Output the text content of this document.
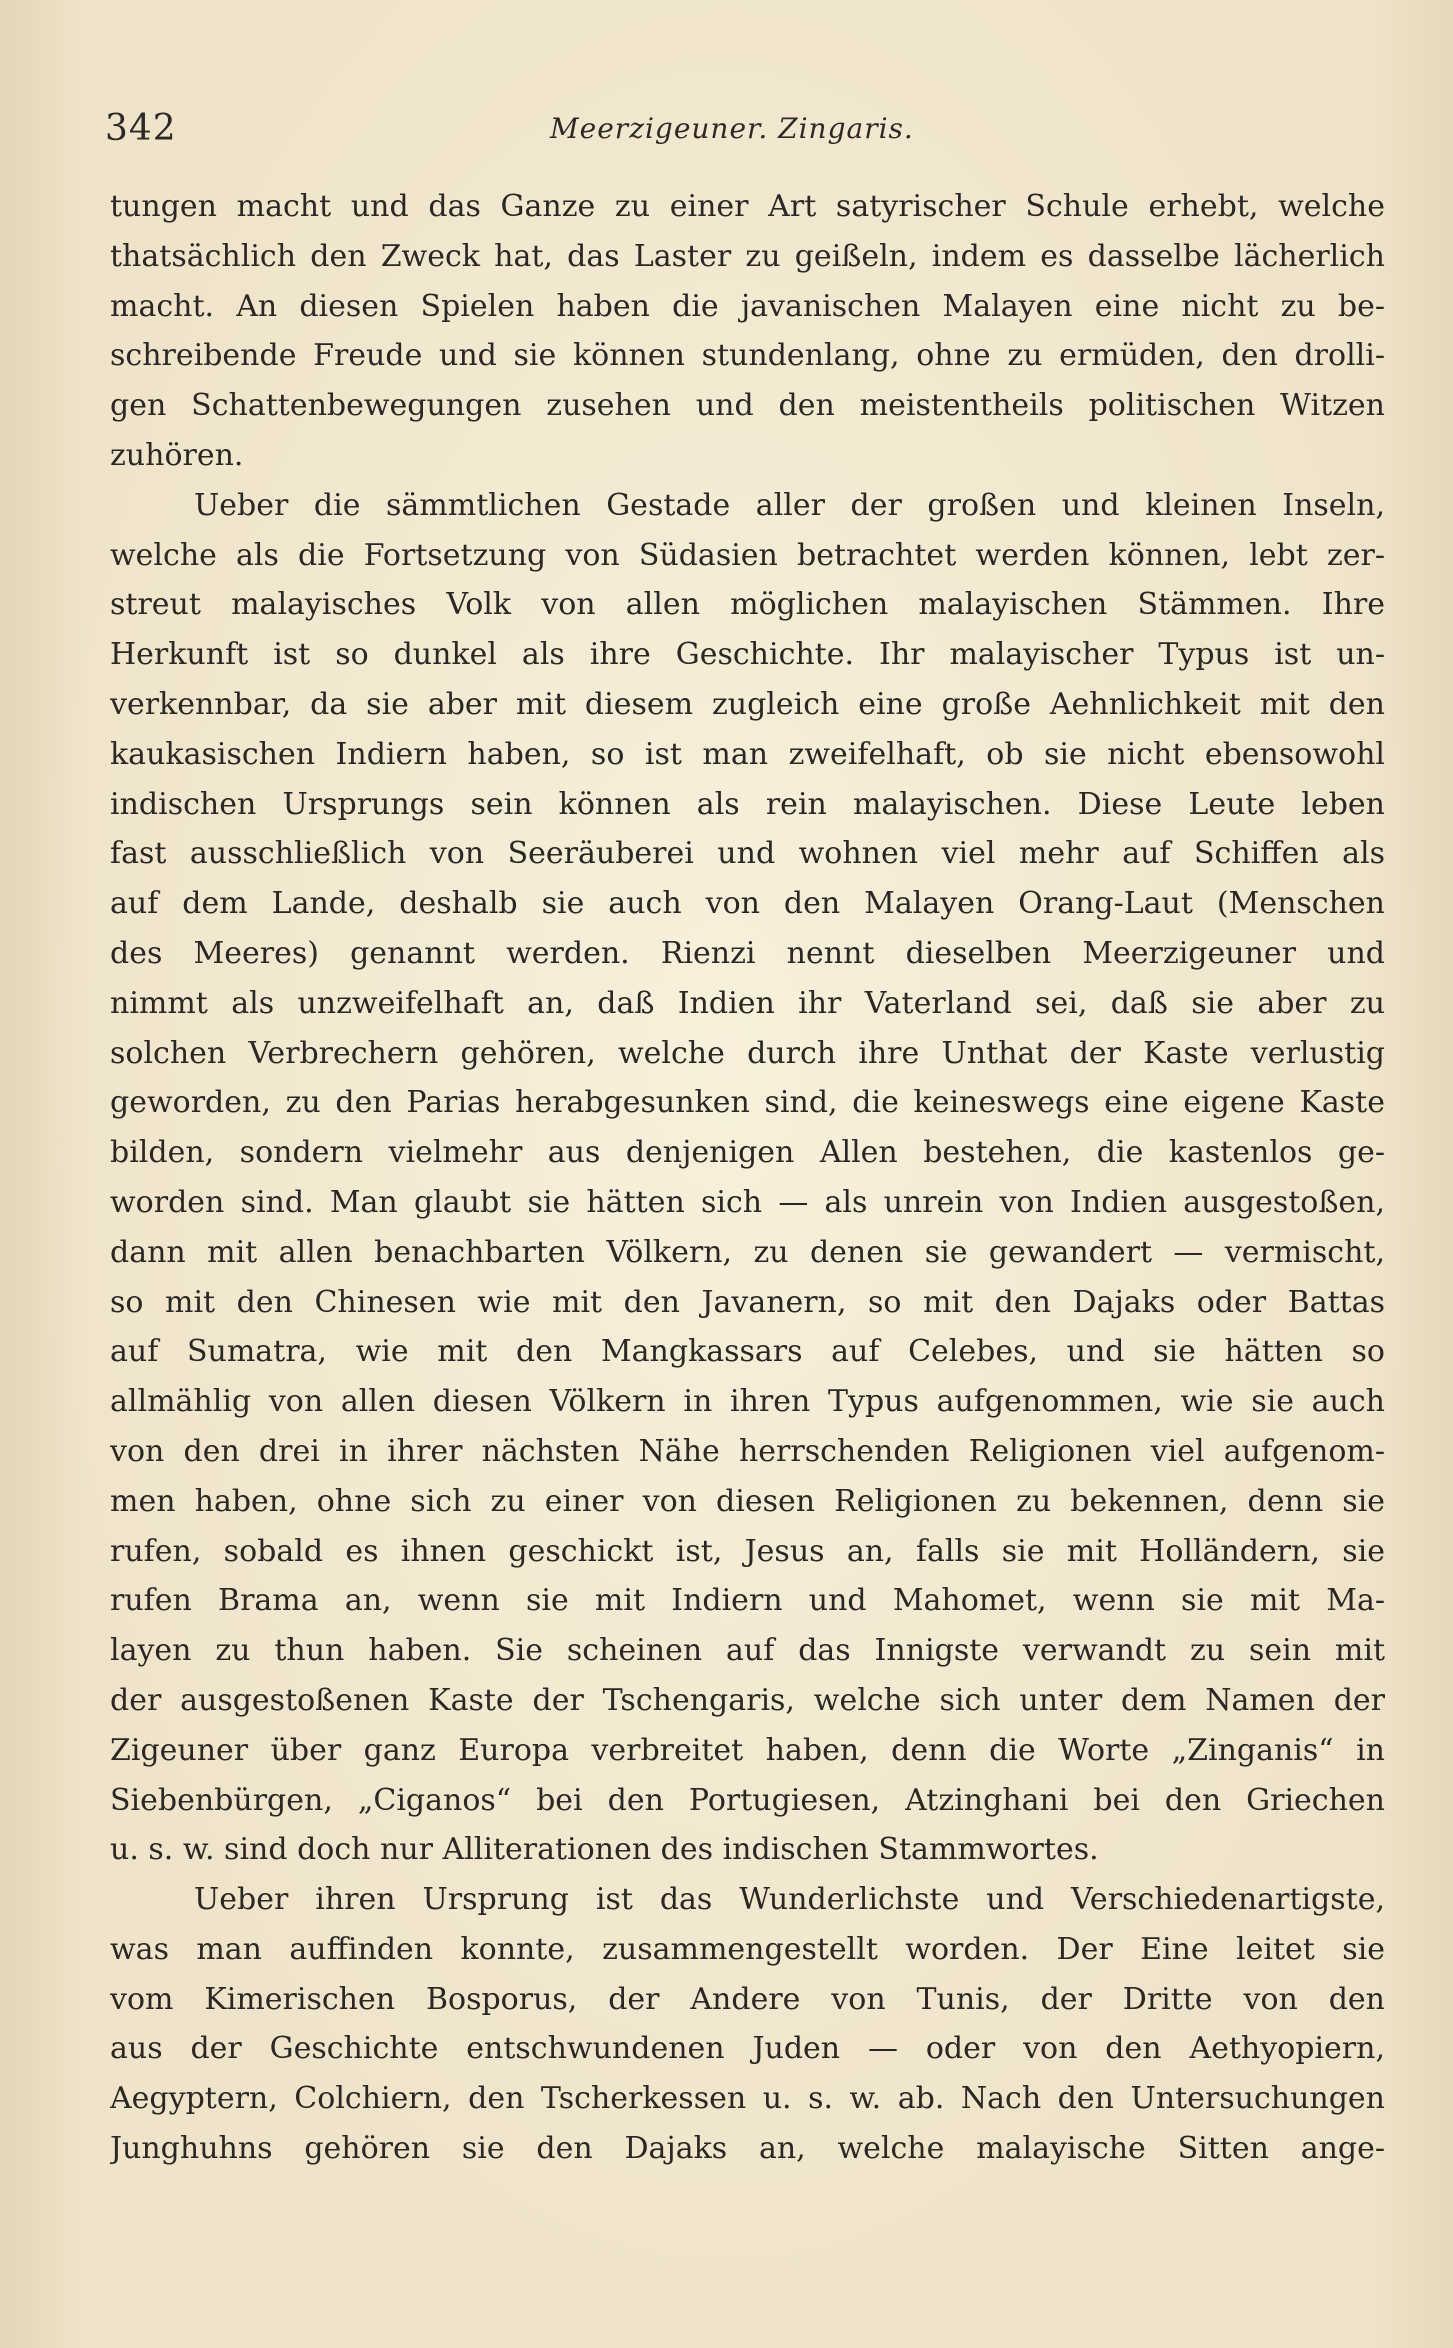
342	Meerzigeuner. Zingaris.
tungen macht und das Ganze zu einer Art satyrischer Schule erhebt, welche
thatsächlich den Zweck hat, das Laster zu geißeln, indem es dasselbe lächerlich
macht. An diesen Spielen haben die javanischen Malayen eine nicht zu be-
schreibende Freude und sie können stundenlang, ohne zu ermüden, den drolli-
gen Schattenbewegungen zusehen und den meistentheils politischen Witzen
zuhören.
Ueber die sämmtlichen Gestade aller der großen und kleinen Inseln,
welche als die Fortsetzung von Südasien betrachtet werden können, lebt zer-
streut malayisches Volk von allen möglichen malayischen Stämmen. Ihre
Herkunft ist so dunkel als ihre Geschichte. Ihr malayischer Typus ist un-
verkennbar, da sie aber mit diesem zugleich eine große Aehnlichkeit mit den
kaukasischen Indiern haben, so ist man zweifelhaft, ob sie nicht ebensowohl
indischen Ursprungs sein können als rein malayischen. Diese Leute leben
fast ausschließlich von Seeräuberei und wohnen viel mehr auf Schiffen als
auf dem Lande, deshalb sie auch von den Malayen Orang-Laut (Menschen
des Meeres) genannt werden. Rienzi nennt dieselben Meerzigeuner und
nimmt als unzweifelhaft an, daß Indien ihr Vaterland sei, daß sie aber zu
solchen Verbrechern gehören, welche durch ihre Unthat der Kaste verlustig
geworden, zu den Parias herabgesunken sind, die keineswegs eine eigene Kaste
bilden, sondern vielmehr aus denjenigen Allen bestehen, die kastenlos ge-
worden sind. Man glaubt sie hätten sich — als unrein von Indien ausgestoßen,
dann mit allen benachbarten Völkern, zu denen sie gewandert — vermischt,
so mit den Chinesen wie mit den Javanern, so mit den Dajaks oder Battas
auf Sumatra, wie mit den Mangkassars auf Celebes, und sie hätten so
allmählig von allen diesen Völkern in ihren Typus aufgenommen, wie sie auch
von den drei in ihrer nächsten Nähe herrschenden Religionen viel aufgenom-
men haben, ohne sich zu einer von diesen Religionen zu bekennen, denn sie
rufen, sobald es ihnen geschickt ist, Jesus an, falls sie mit Holländern, sie
rufen Brama an, wenn sie mit Indiern und Mahomet, wenn sie mit Ma-
layen zu thun haben. Sie scheinen auf das Innigste verwandt zu sein mit
der ausgestoßenen Kaste der Tschengaris, welche sich unter dem Namen der
Zigeuner über ganz Europa verbreitet haben, denn die Worte „Zinganis“ in
Siebenbürgen, „Ciganos“ bei den Portugiesen, Atzinghani bei den Griechen
u. s. w. sind doch nur Alliterationen des indischen Stammwortes.
Ueber ihren Ursprung ist das Wunderlichste und Verschiedenartigste,
was man auffinden konnte, zusammengestellt worden. Der Eine leitet sie
vom Kimerischen Bosporus, der Andere von Tunis, der Dritte von den
aus der Geschichte entschwundenen Juden — oder von den Aethyopiern,
Aegyptern, Colchiern, den Tscherkessen u. s. w. ab. Nach den Untersuchungen
Junghuhns gehören sie den Dajaks an, welche malayische Sitten ange-
